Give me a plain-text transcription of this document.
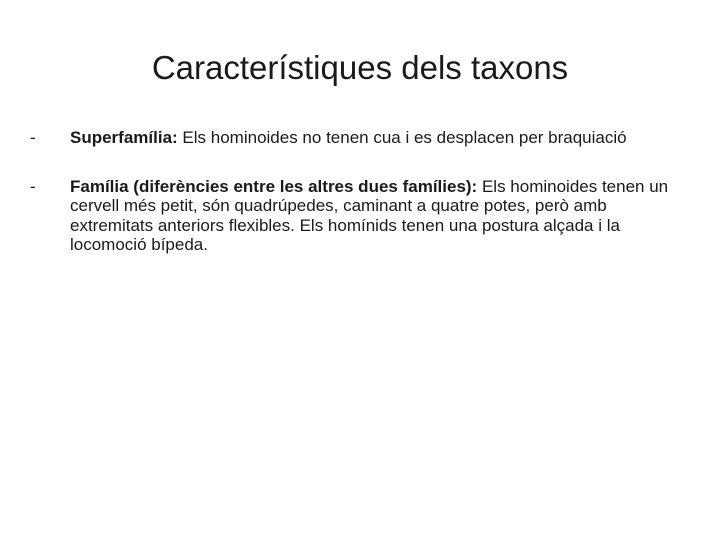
Característiques dels taxons
-	Superfamília: Els hominoides no tenen cua i es desplacen per braquiació
-	Família (diferències entre les altres dues famílies): Els hominoides tenen un cervell més petit, són quadrúpedes, caminant a quatre potes, però amb extremitats anteriors flexibles. Els homínids tenen una postura alçada i la locomoció bípeda.
